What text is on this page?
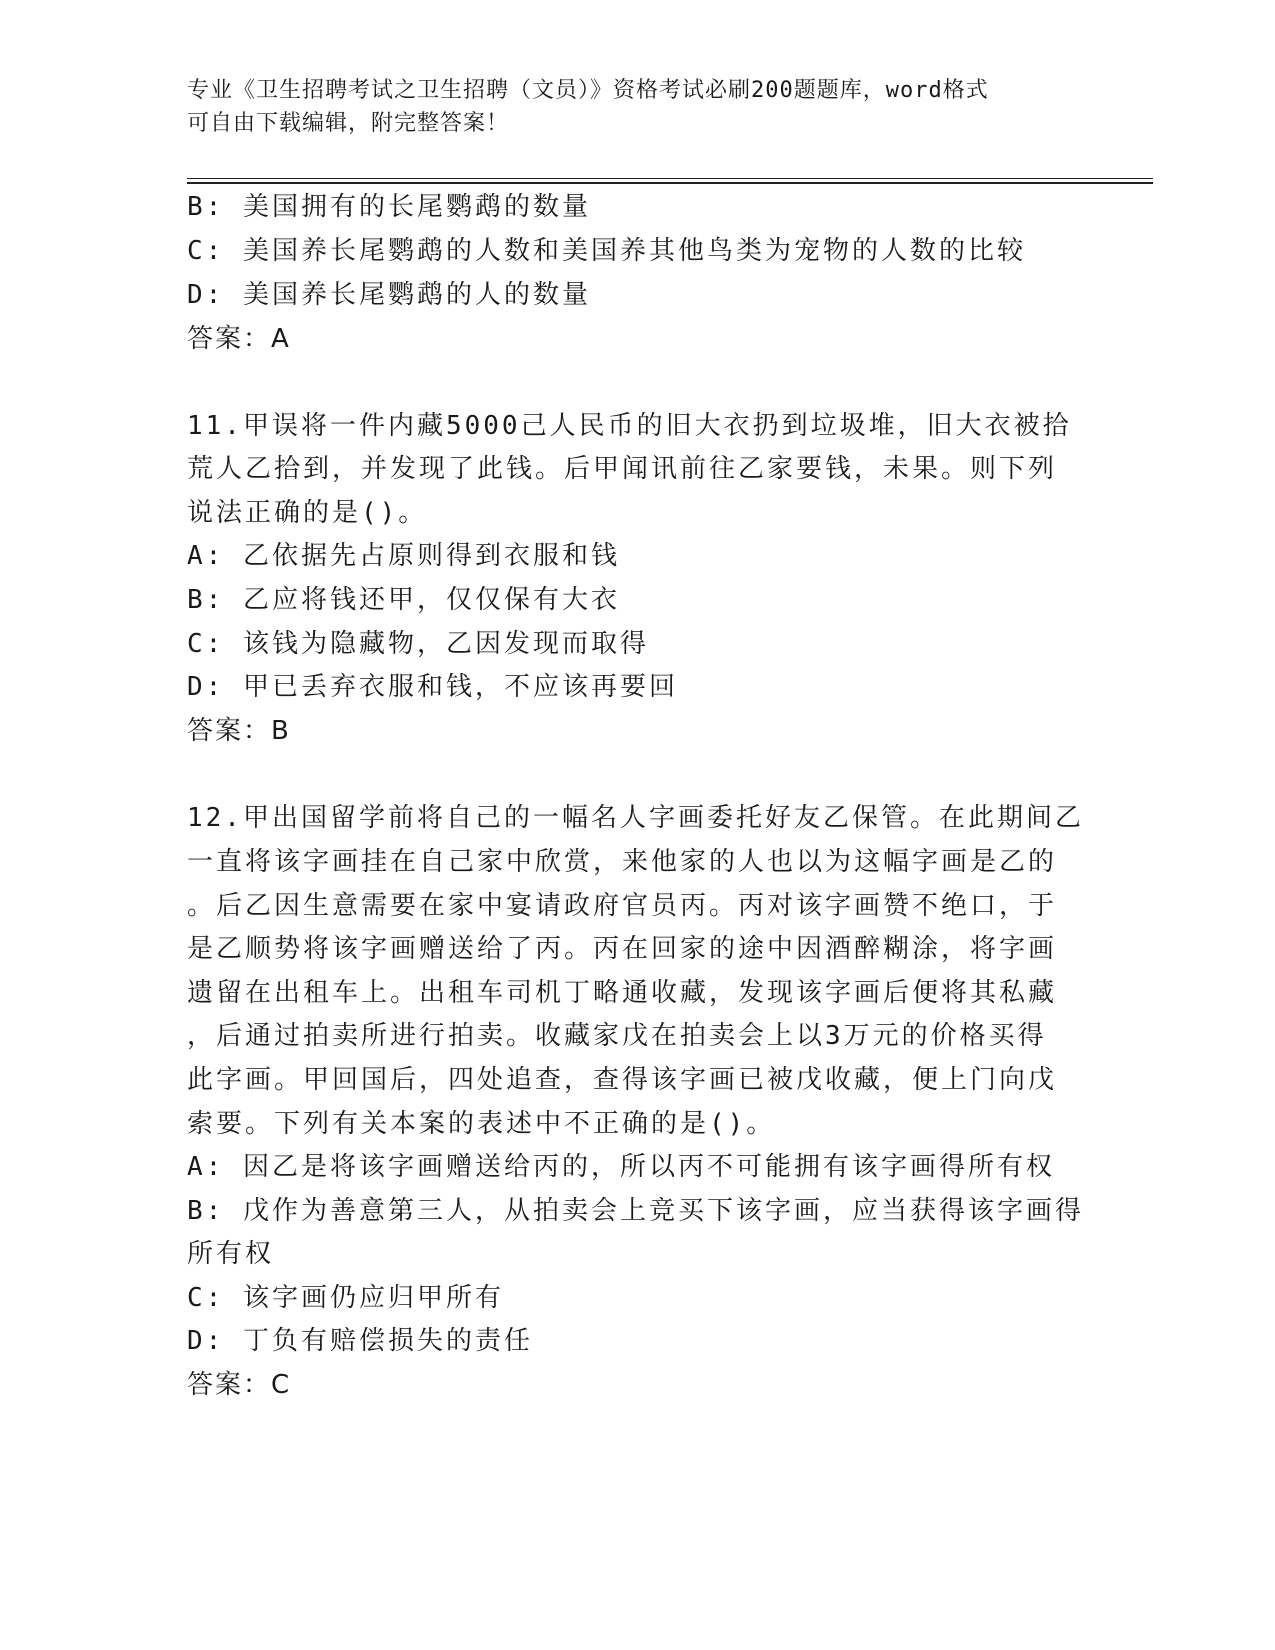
专业《卫生招聘考试之卫生招聘（文员）》资格考试必刷200题题库，word格式
可自由下载编辑，附完整答案！
B: 美国拥有的长尾鹦鹉的数量
C: 美国养长尾鹦鹉的人数和美国养其他鸟类为宠物的人数的比较
D: 美国养长尾鹦鹉的人的数量
答案：A
11.甲误将一件内藏5000己人民币的旧大衣扔到垃圾堆，旧大衣被拾
荒人乙拾到，并发现了此钱。后甲闻讯前往乙家要钱，未果。则下列
说法正确的是()。
A: 乙依据先占原则得到衣服和钱
B: 乙应将钱还甲，仅仅保有大衣
C: 该钱为隐藏物，乙因发现而取得
D: 甲已丢弃衣服和钱，不应该再要回
答案：B
12.甲出国留学前将自己的一幅名人字画委托好友乙保管。在此期间乙
一直将该字画挂在自己家中欣赏，来他家的人也以为这幅字画是乙的
。后乙因生意需要在家中宴请政府官员丙。丙对该字画赞不绝口，于
是乙顺势将该字画赠送给了丙。丙在回家的途中因酒醉糊涂，将字画
遗留在出租车上。出租车司机丁略通收藏，发现该字画后便将其私藏
，后通过拍卖所进行拍卖。收藏家戊在拍卖会上以3万元的价格买得
此字画。甲回国后，四处追查，查得该字画已被戊收藏，便上门向戊
索要。下列有关本案的表述中不正确的是()。
A: 因乙是将该字画赠送给丙的，所以丙不可能拥有该字画得所有权
B: 戊作为善意第三人，从拍卖会上竞买下该字画，应当获得该字画得
所有权
C: 该字画仍应归甲所有
D: 丁负有赔偿损失的责任
答案：C
